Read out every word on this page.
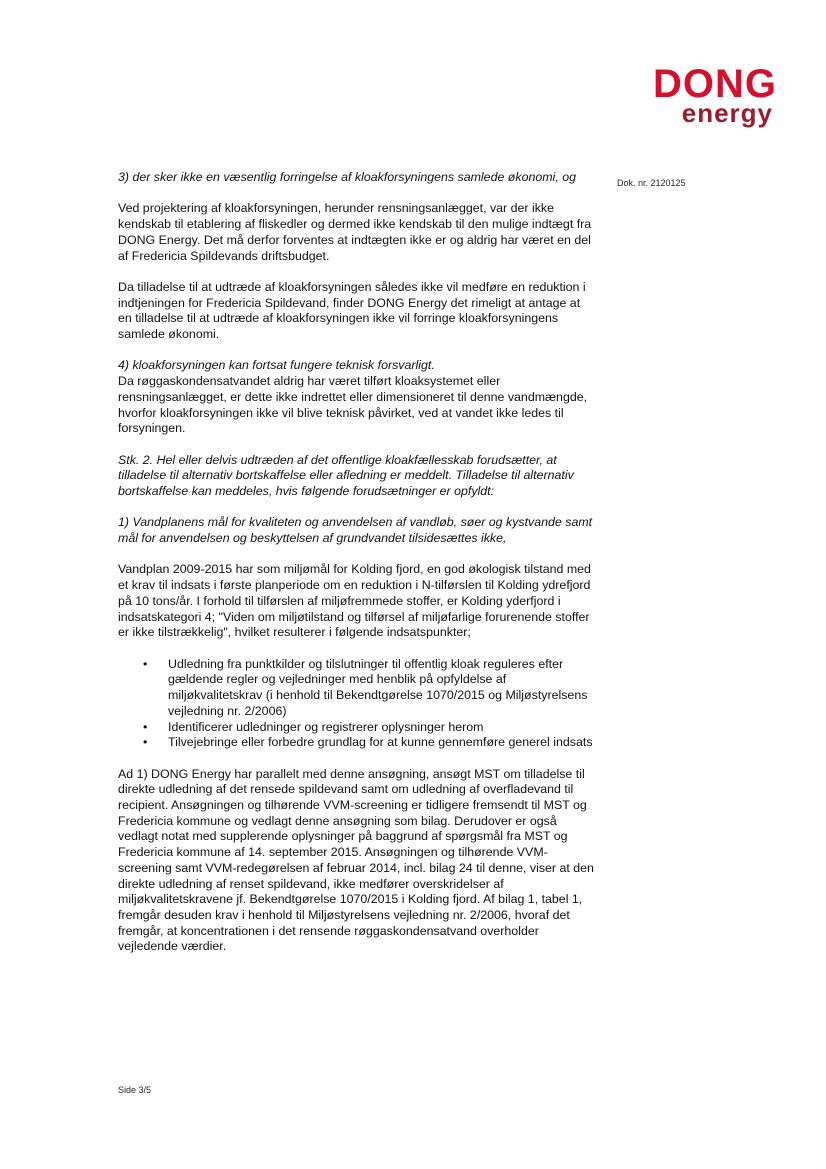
DONG
energy
Dok. nr. 2120125

3) der sker ikke en væsentlig forringelse af kloakforsyningens samlede økonomi, og

Ved projektering af kloakforsyningen, herunder rensningsanlægget, var der ikke kendskab til etablering af fliskedler og dermed ikke kendskab til den mulige indtægt fra DONG Energy. Det må derfor forventes at indtægten ikke er og aldrig har været en del af Fredericia Spildevands driftsbudget.

Da tilladelse til at udtræde af kloakforsyningen således ikke vil medføre en reduktion i indtjeningen for Fredericia Spildevand, finder DONG Energy det rimeligt at antage at en tilladelse til at udtræde af kloakforsyningen ikke vil forringe kloakforsyningens samlede økonomi.

4) kloakforsyningen kan fortsat fungere teknisk forsvarligt.
Da røggaskondensatvandet aldrig har været tilført kloaksystemet eller rensningsanlægget, er dette ikke indrettet eller dimensioneret til denne vandmængde, hvorfor kloakforsyningen ikke vil blive teknisk påvirket, ved at vandet ikke ledes til forsyningen.

Stk. 2. Hel eller delvis udtræden af det offentlige kloakfællesskab forudsætter, at tilladelse til alternativ bortskaffelse eller afledning er meddelt. Tilladelse til alternativ bortskaffelse kan meddeles, hvis følgende forudsætninger er opfyldt:

1) Vandplanens mål for kvaliteten og anvendelsen af vandløb, søer og kystvande samt mål for anvendelsen og beskyttelsen af grundvandet tilsidesættes ikke,

Vandplan 2009-2015 har som miljømål for Kolding fjord, en god økologisk tilstand med et krav til indsats i første planperiode om en reduktion i N-tilførslen til Kolding ydrefjord på 10 tons/år. I forhold til tilførslen af miljøfremmede stoffer, er Kolding yderfjord i indsatskategori 4; "Viden om miljøtilstand og tilførsel af miljøfarlige forurenende stoffer er ikke tilstrækkelig", hvilket resulterer i følgende indsatspunkter;

• Udledning fra punktkilder og tilslutninger til offentlig kloak reguleres efter gældende regler og vejledninger med henblik på opfyldelse af miljøkvalitetskrav (i henhold til Bekendtgørelse 1070/2015 og Miljøstyrelsens vejledning nr. 2/2006)
• Identificerer udledninger og registrerer oplysninger herom
• Tilvejebringe eller forbedre grundlag for at kunne gennemføre generel indsats

Ad 1) DONG Energy har parallelt med denne ansøgning, ansøgt MST om tilladelse til direkte udledning af det rensede spildevand samt om udledning af overfladevand til recipient. Ansøgningen og tilhørende VVM-screening er tidligere fremsendt til MST og Fredericia kommune og vedlagt denne ansøgning som bilag. Derudover er også vedlagt notat med supplerende oplysninger på baggrund af spørgsmål fra MST og Fredericia kommune af 14. september 2015. Ansøgningen og tilhørende VVM-screening samt VVM-redegørelsen af februar 2014, incl. bilag 24 til denne, viser at den direkte udledning af renset spildevand, ikke medfører overskridelser af miljøkvalitetskravene jf. Bekendtgørelse 1070/2015 i Kolding fjord. Af bilag 1, tabel 1, fremgår desuden krav i henhold til Miljøstyrelsens vejledning nr. 2/2006, hvoraf det fremgår, at koncentrationen i det rensende røggaskondensatvand overholder vejledende værdier.

Side 3/5
